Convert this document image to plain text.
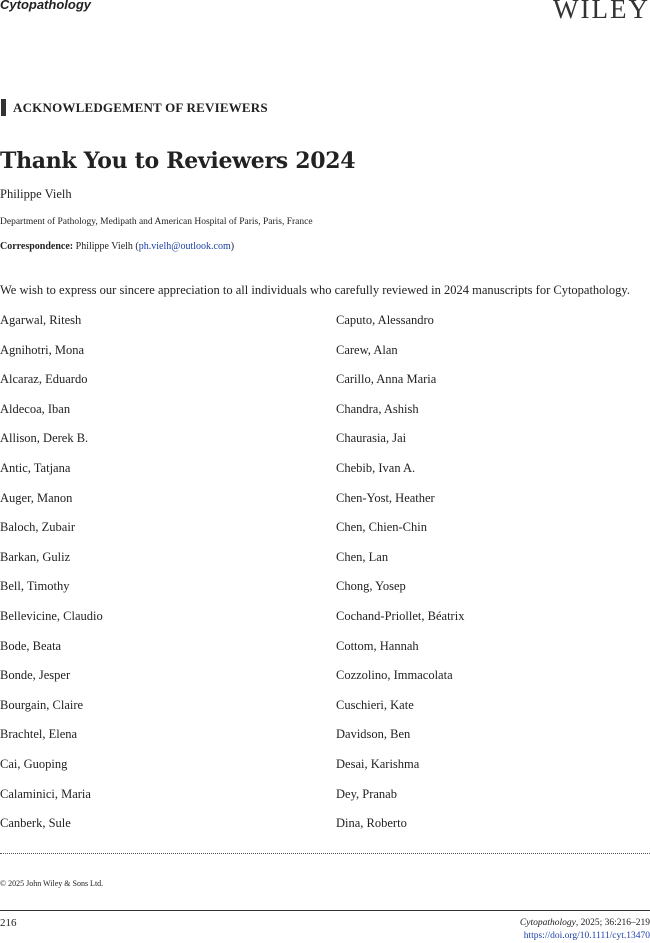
Cytopathology	WILEY
ACKNOWLEDGEMENT OF REVIEWERS
Thank You to Reviewers 2024
Philippe Vielh
Department of Pathology, Medipath and American Hospital of Paris, Paris, France
Correspondence: Philippe Vielh (ph.vielh@outlook.com)
We wish to express our sincere appreciation to all individuals who carefully reviewed in 2024 manuscripts for Cytopathology.
Agarwal, Ritesh
Agnihotri, Mona
Alcaraz, Eduardo
Aldecoa, Iban
Allison, Derek B.
Antic, Tatjana
Auger, Manon
Baloch, Zubair
Barkan, Guliz
Bell, Timothy
Bellevicine, Claudio
Bode, Beata
Bonde, Jesper
Bourgain, Claire
Brachtel, Elena
Cai, Guoping
Calaminici, Maria
Canberk, Sule
Caputo, Alessandro
Carew, Alan
Carillo, Anna Maria
Chandra, Ashish
Chaurasia, Jai
Chebib, Ivan A.
Chen-Yost, Heather
Chen, Chien-Chin
Chen, Lan
Chong, Yosep
Cochand-Priollet, Béatrix
Cottom, Hannah
Cozzolino, Immacolata
Cuschieri, Kate
Davidson, Ben
Desai, Karishma
Dey, Pranab
Dina, Roberto
© 2025 John Wiley & Sons Ltd.
216	Cytopathology, 2025; 36:216–219
https://doi.org/10.1111/cyt.13470
